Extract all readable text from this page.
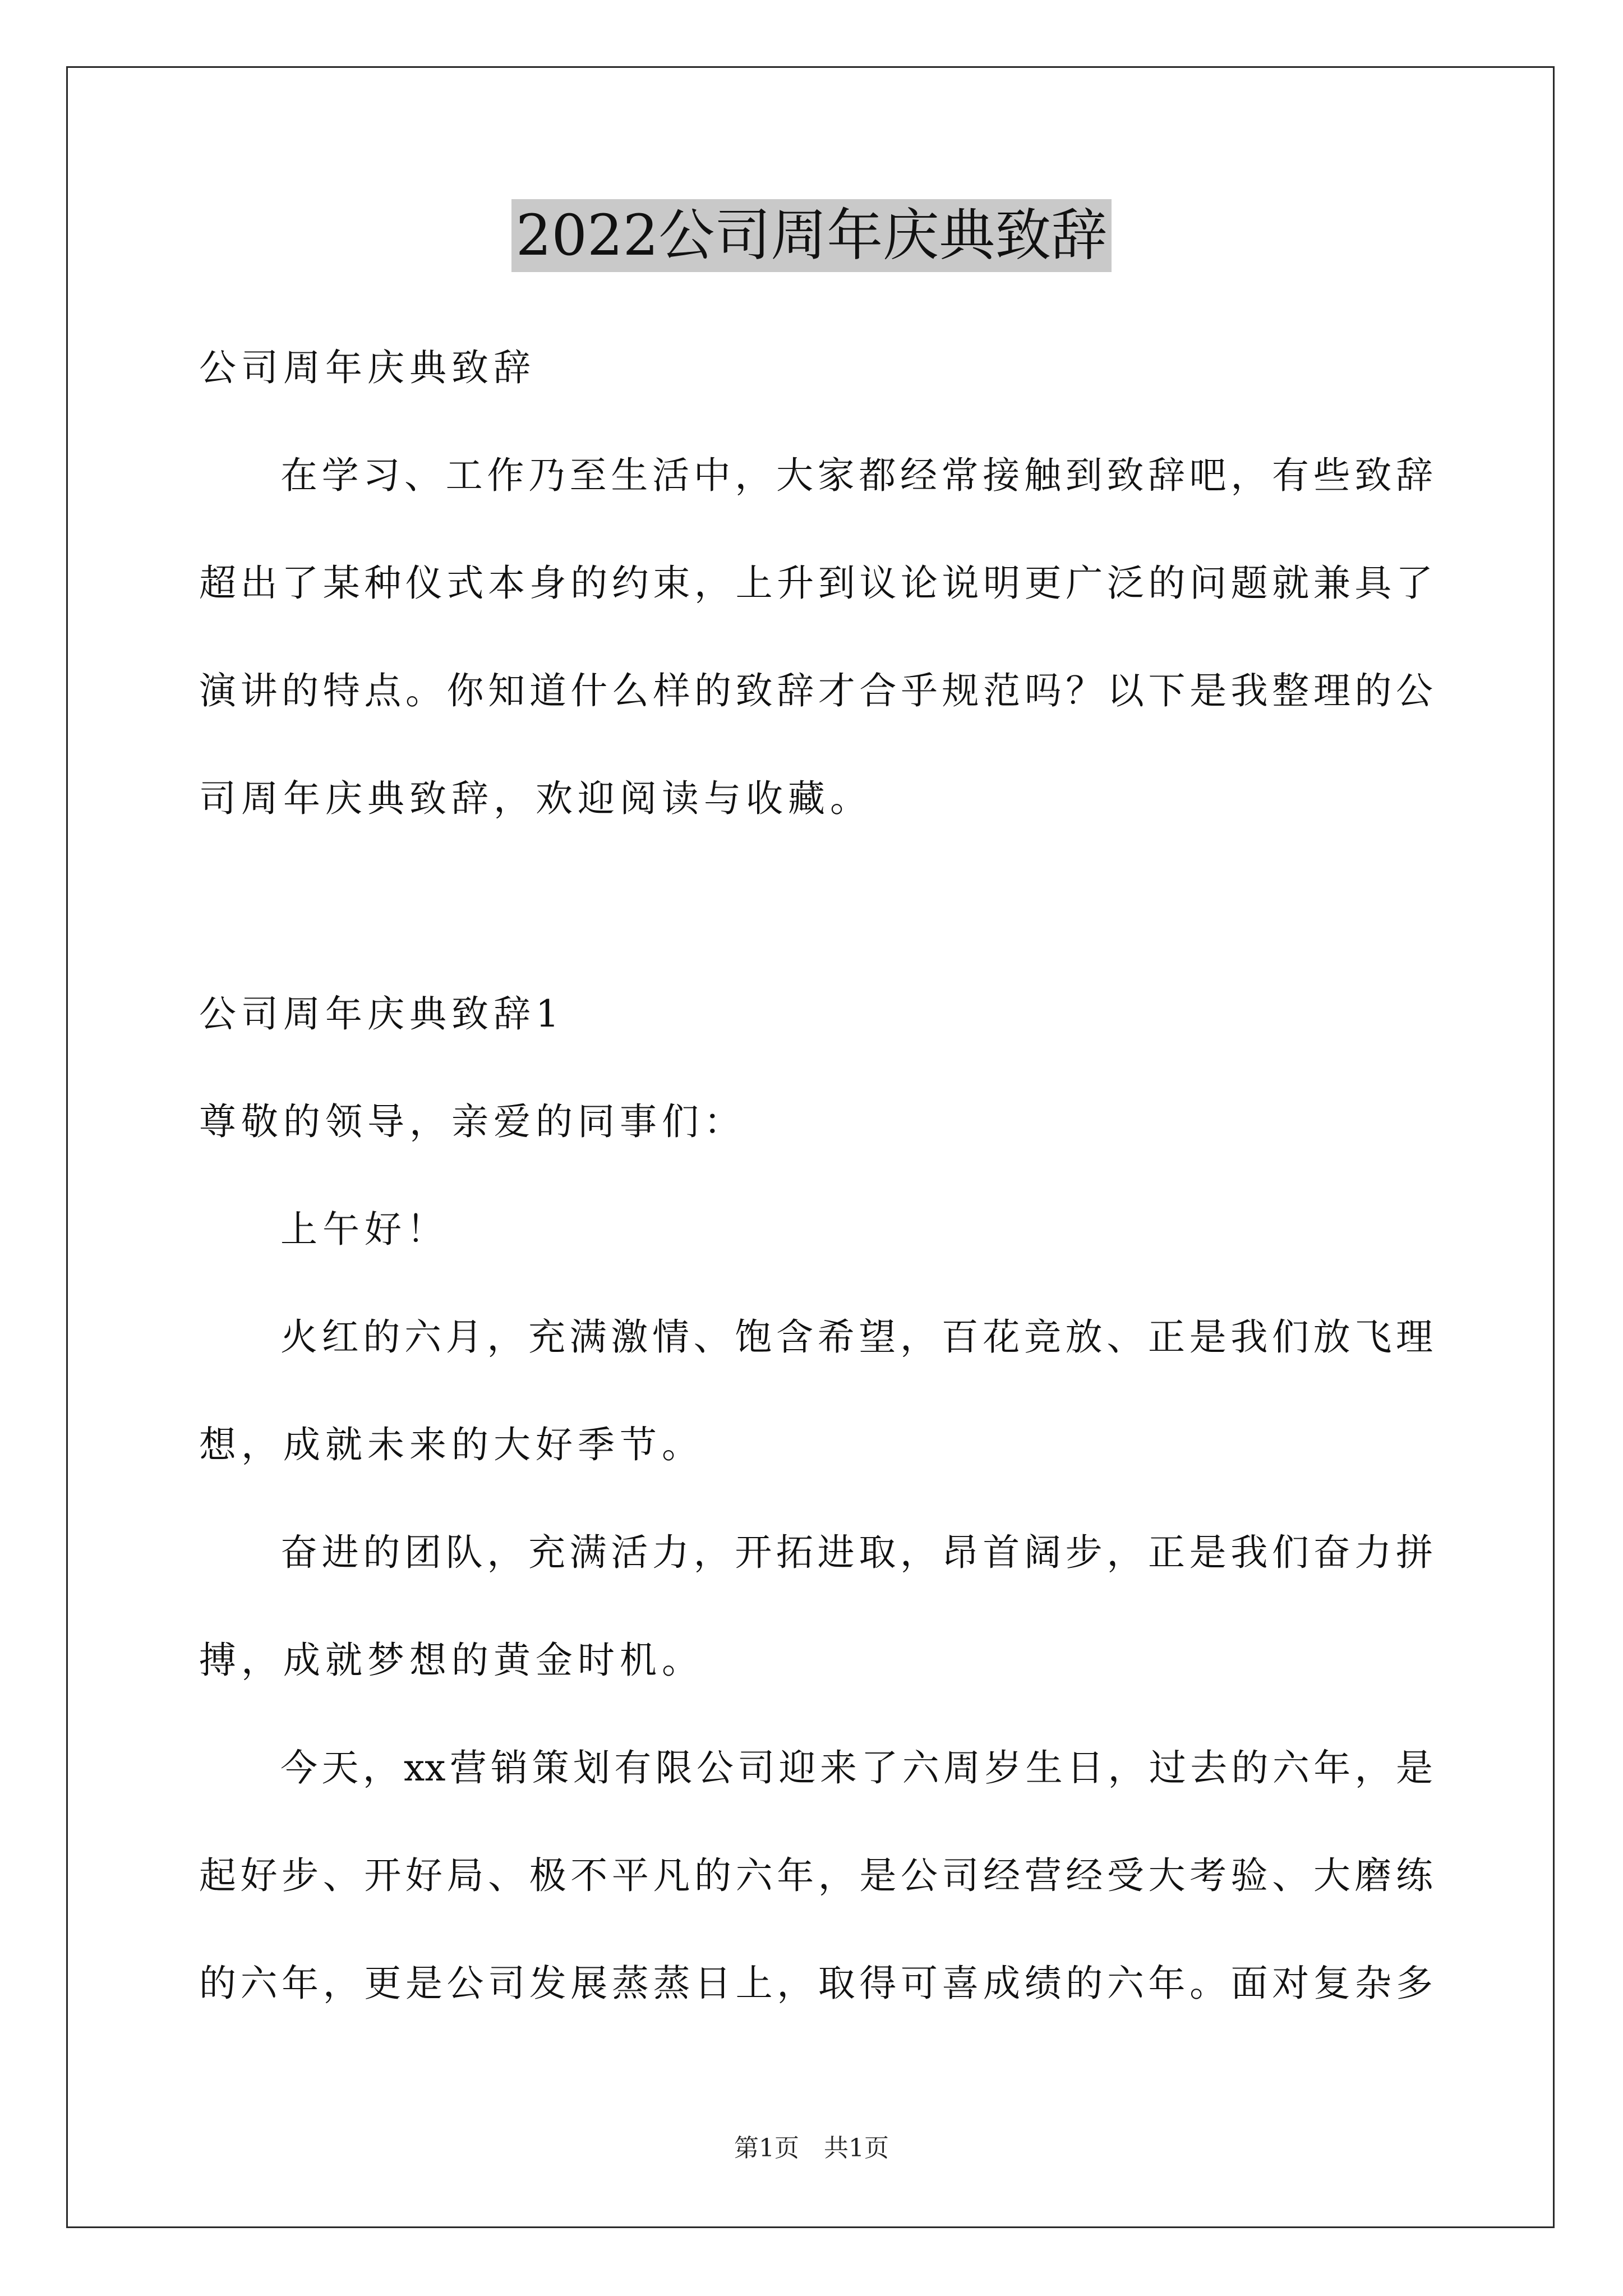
2022公司周年庆典致辞
公司周年庆典致辞
在学习、工作乃至生活中，大家都经常接触到致辞吧，有些致辞
超出了某种仪式本身的约束，上升到议论说明更广泛的问题就兼具了
演讲的特点。你知道什么样的致辞才合乎规范吗？以下是我整理的公
司周年庆典致辞，欢迎阅读与收藏。
公司周年庆典致辞1
尊敬的领导，亲爱的同事们：
上午好！
火红的六月，充满激情、饱含希望，百花竞放、正是我们放飞理
想，成就未来的大好季节。
奋进的团队，充满活力，开拓进取，昂首阔步，正是我们奋力拼
搏，成就梦想的黄金时机。
今天，xx营销策划有限公司迎来了六周岁生日，过去的六年，是
起好步、开好局、极不平凡的六年，是公司经营经受大考验、大磨练
的六年，更是公司发展蒸蒸日上，取得可喜成绩的六年。面对复杂多
第1页　共1页
